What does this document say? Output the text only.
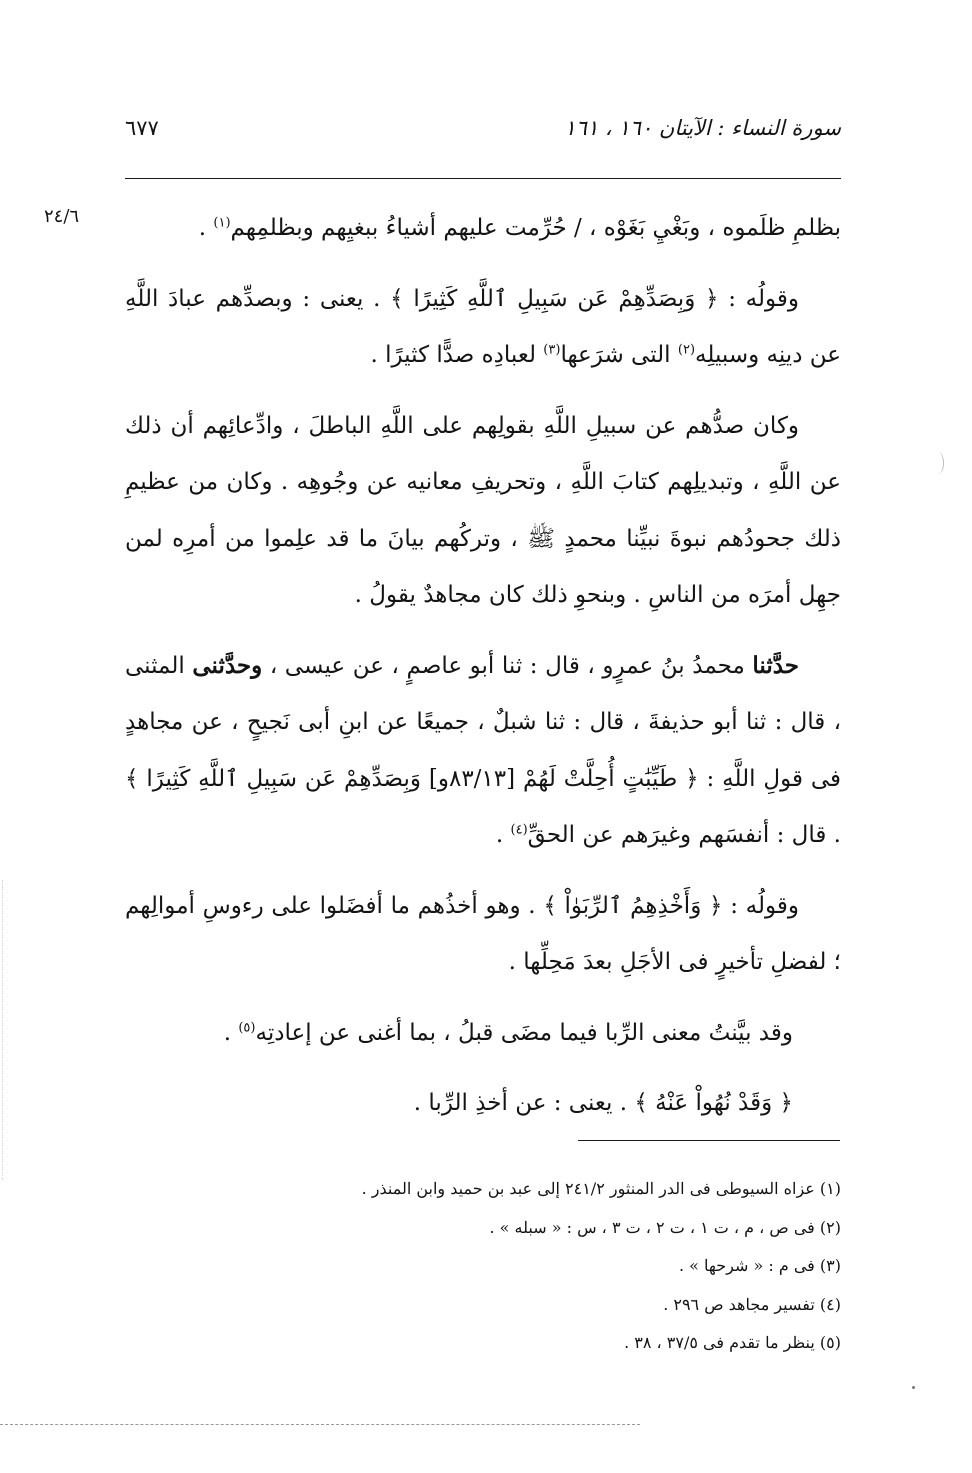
سورة النساء : الآيتان ١٦٠ ، ١٦١
٦٧٧
٢٤/٦	بظلمِ ظلَموه ، وبَغْيِ بَغَوْه ، / حُرِّمت عليهم أشياءُ ببغيِهم وبظلمِهم$^{(١)}$ .

وقولُه : ﴿ وَبِصَدِّهِمْ عَن سَبِيلِ ٱللَّهِ كَثِيرًا ﴾ . يعنى : وبصدِّهم عبادَ اللَّهِ عن دينِه وسبيلِه$^{(٢)}$ التى شرَعها$^{(٣)}$ لعبادِه صدًّا كثيرًا .

وكان صدُّهم عن سبيلِ اللَّهِ بقولِهم على اللَّهِ الباطلَ ، وادِّعائِهم أن ذلك عن اللَّهِ ، وتبديلِهم كتابَ اللَّهِ ، وتحريفِ معانيه عن وجُوهِه . وكان من عظيمِ ذلك جحودُهم نبوةَ نبيِّنا محمدٍ ﷺ ، وتركُهم بيانَ ما قد علِموا من أمرِه لمن جهِل أمرَه من الناسِ . وبنحوِ ذلك كان مجاهدٌ يقولُ .

حدَّثنا محمدُ بنُ عمرٍو ، قال : ثنا أبو عاصمٍ ، عن عيسى ، وحدَّثنى المثنى ، قال : ثنا أبو حذيفةَ ، قال : ثنا شبلٌ ، جميعًا عن ابنِ أبى نَجيحٍ ، عن مجاهدٍ فى قولِ اللَّهِ : ﴿ طَيِّبَٰتٍ أُحِلَّتْ لَهُمْ [٨٣/١٣و] وَبِصَدِّهِمْ عَن سَبِيلِ ٱللَّهِ كَثِيرًا ﴾ . قال : أنفسَهم وغيرَهم عن الحقِّ$^{(٤)}$ .

وقولُه : ﴿ وَأَخْذِهِمُ ٱلرِّبَوٰاْ ﴾ . وهو أخذُهم ما أفضَلوا على رءوسِ أموالِهم ؛ لفضلِ تأخيرٍ فى الأجَلِ بعدَ مَحِلِّها .

وقد بيَّنتُ معنى الرِّبا فيما مضَى قبلُ ، بما أغنى عن إعادتِه$^{(٥)}$ .

﴿ وَقَدْ نُهُواْ عَنْهُ ﴾ . يعنى : عن أخذِ الرِّبا .

(١) عزاه السيوطى فى الدر المنثور ٢٤١/٢ إلى عبد بن حميد وابن المنذر .

(٢) فى ص ، م ، ت ١ ، ت ٢ ، ت ٣ ، س : « سبله » .

(٣) فى م : « شرحها » .

(٤) تفسير مجاهد ص ٢٩٦ .

(٥) ينظر ما تقدم فى ٣٧/٥ ، ٣٨ .
